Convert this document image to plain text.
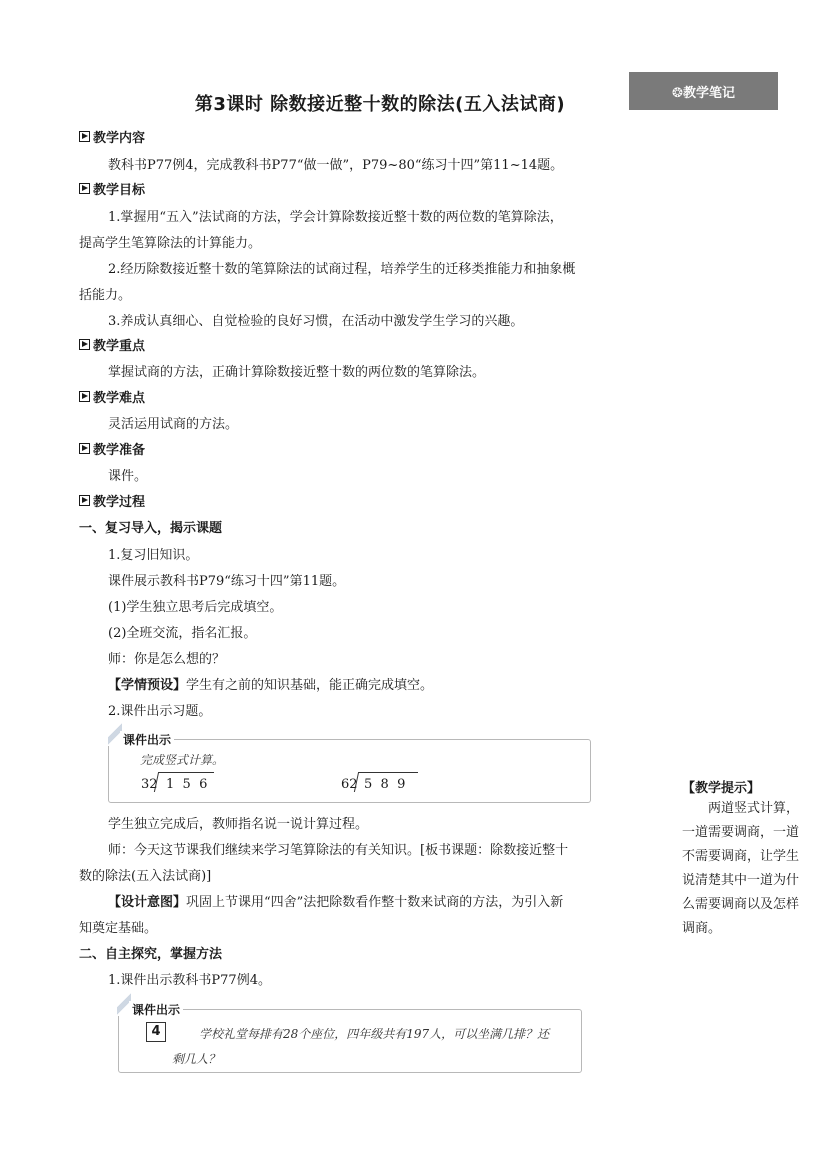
第3课时 除数接近整十数的除法(五入法试商)
❂教学笔记
教学内容
教科书P77例4，完成教科书P77“做一做”，P79~80“练习十四”第11~14题。
教学目标
1.掌握用“五入”法试商的方法，学会计算除数接近整十数的两位数的笔算除法，
提高学生笔算除法的计算能力。
2.经历除数接近整十数的笔算除法的试商过程，培养学生的迁移类推能力和抽象概
括能力。
3.养成认真细心、自觉检验的良好习惯，在活动中激发学生学习的兴趣。
教学重点
掌握试商的方法，正确计算除数接近整十数的两位数的笔算除法。
教学难点
灵活运用试商的方法。
教学准备
课件。
教学过程
一、复习导入，揭示课题
1.复习旧知识。
课件展示教科书P79“练习十四”第11题。
(1)学生独立思考后完成填空。
(2)全班交流，指名汇报。
师：你是怎么想的？
【学情预设】学生有之前的知识基础，能正确完成填空。
2.课件出示习题。
课件出示
完成竖式计算。
32 1  5  6	62 5  8  9
学生独立完成后，教师指名说一说计算过程。
师：今天这节课我们继续来学习笔算除法的有关知识。[板书课题：除数接近整十
数的除法(五入法试商)]
【设计意图】巩固上节课用“四舍”法把除数看作整十数来试商的方法，为引入新
知奠定基础。
二、自主探究，掌握方法
1.课件出示教科书P77例4。
课件出示
4	学校礼堂每排有28个座位，四年级共有197人，可以坐满几排？还
剩几人？
【教学提示】
两道竖式计算，一道需要调商，一道不需要调商，让学生说清楚其中一道为什么需要调商以及怎样调商。
